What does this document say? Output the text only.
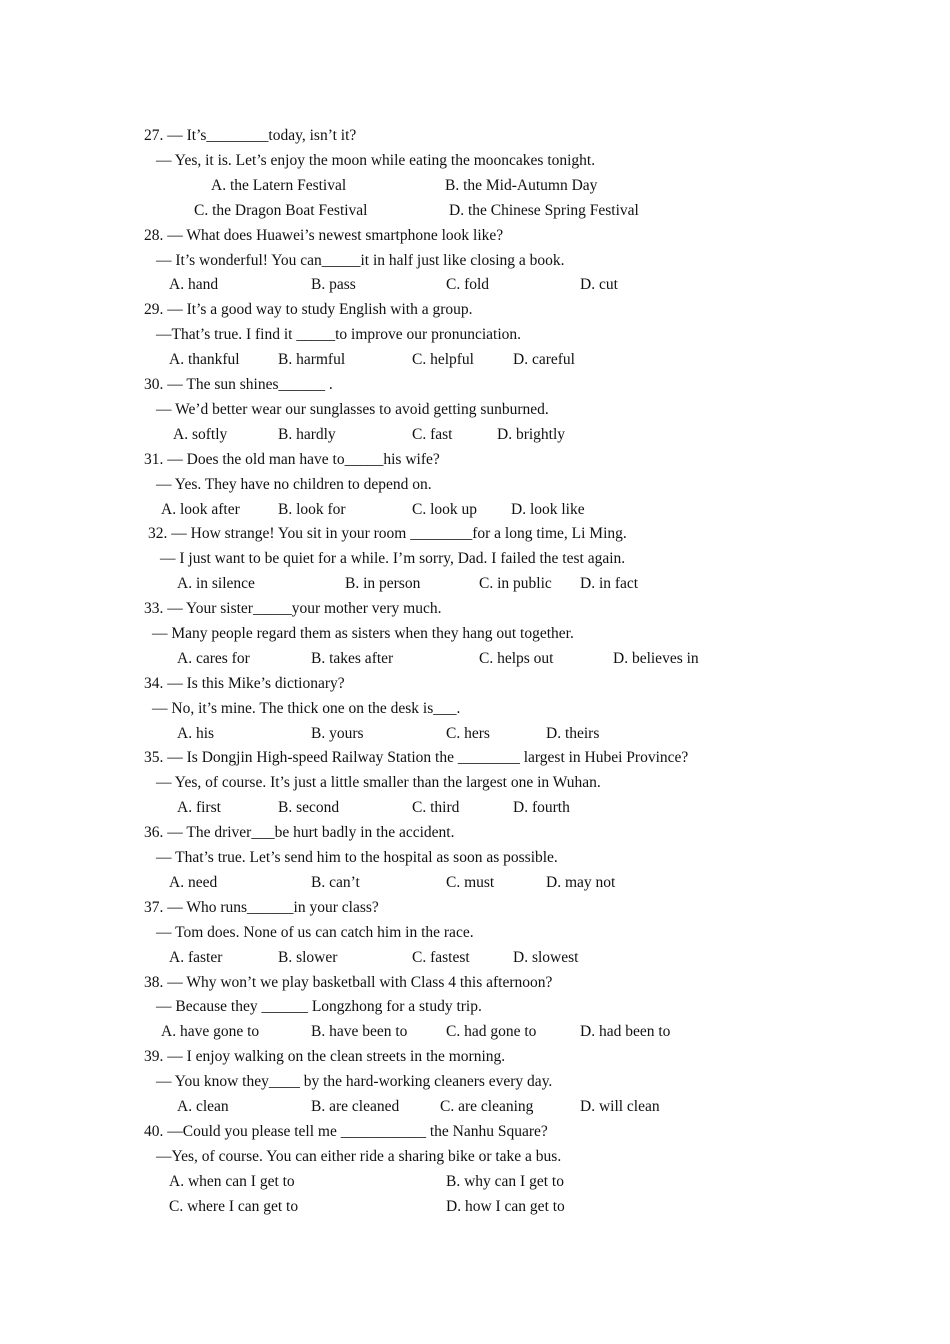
27. — It’s________today, isn’t it?
— Yes, it is. Let’s enjoy the moon while eating the mooncakes tonight.
A. the Latern Festival	B. the Mid-Autumn Day
C. the Dragon Boat Festival	D. the Chinese Spring Festival
28. — What does Huawei’s newest smartphone look like?
— It’s wonderful! You can_____it in half just like closing a book.
A. hand	B. pass	C. fold	D. cut
29. — It’s a good way to study English with a group.
—That’s true. I find it _____to improve our pronunciation.
A. thankful B. harmful	C. helpful	D. careful
30. — The sun shines______ .
— We’d better wear our sunglasses to avoid getting sunburned.
A. softly	B. hardly	C. fast	D. brightly
31. — Does the old man have to_____his wife?
— Yes. They have no children to depend on.
A. look after B. look for	C. look up D. look like
32. — How strange! You sit in your room ________for a long time, Li Ming.
— I just want to be quiet for a while. I’m sorry, Dad. I failed the test again.
A. in silence	B. in person	C. in public D. in fact
33. — Your sister_____your mother very much.
— Many people regard them as sisters when they hang out together.
A. cares for	B. takes after	C. helps out	D. believes in
34. — Is this Mike’s dictionary?
— No, it’s mine. The thick one on the desk is___.
A. his	B. yours	C. hers	D. theirs
35. — Is Dongjin High-speed Railway Station the ________ largest in Hubei Province?
— Yes, of course. It’s just a little smaller than the largest one in Wuhan.
A. first	B. second	C. third	D. fourth
36. — The driver___be hurt badly in the accident.
— That’s true. Let’s send him to the hospital as soon as possible.
A. need	B. can’t	C. must	D. may not
37. — Who runs______in your class?
— Tom does. None of us can catch him in the race.
A. faster	B. slower	C. fastest	D. slowest
38. — Why won’t we play basketball with Class 4 this afternoon?
— Because they ______ Longzhong for a study trip.
A. have gone to	B. have been to C. had gone to	D. had been to
39. — I enjoy walking on the clean streets in the morning.
— You know they____ by the hard-working cleaners every day.
A. clean	B. are cleaned	C. are cleaning	D. will clean
40. —Could you please tell me ___________ the Nanhu Square?
—Yes, of course. You can either ride a sharing bike or take a bus.
A. when can I get to	B. why can I get to
C. where I can get to	D. how I can get to
